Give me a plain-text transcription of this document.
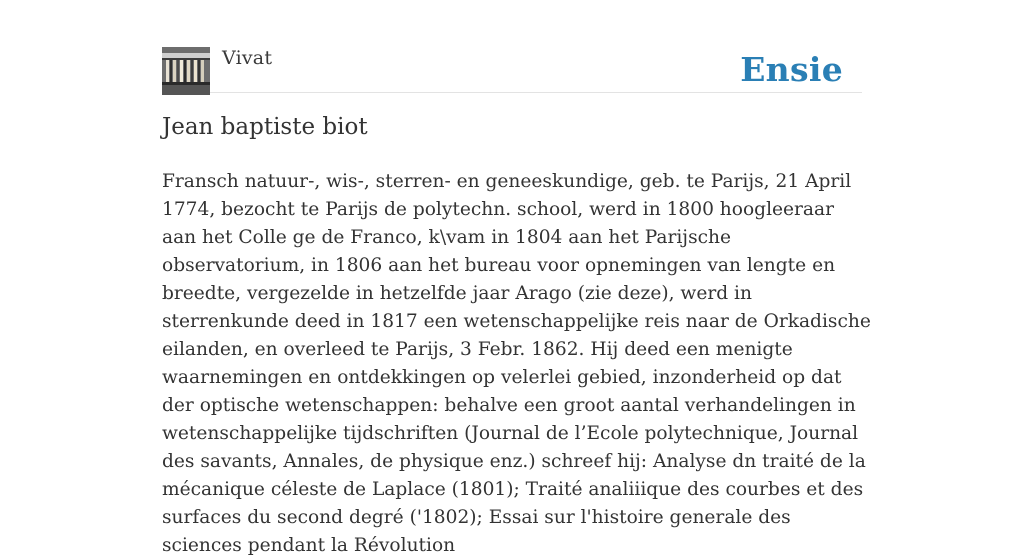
Vivat	Ensie
Jean baptiste biot

Fransch natuur-, wis-, sterren- en geneeskundige, geb. te Parijs, 21 April 1774, bezocht te Parijs de polytechn. school, werd in 1800 hoogleeraar aan het Colle ge de Franco, k\vam in 1804 aan het Parijsche observatorium, in 1806 aan het bureau voor opnemingen van lengte en breedte, vergezelde in hetzelfde jaar Arago (zie deze), werd in sterrenkunde deed in 1817 een wetenschappelijke reis naar de Orkadische eilanden, en overleed te Parijs, 3 Febr. 1862. Hij deed een menigte waarnemingen en ontdekkingen op velerlei gebied, inzonderheid op dat der optische wetenschappen: behalve een groot aantal verhandelingen in wetenschappelijke tijdschriften (Journal de l’Ecole polytechnique, Journal des savants, Annales, de physique enz.) schreef hij: Analyse dn traité de la mécanique céleste de Laplace (1801); Traité analiiique des courbes et des surfaces du second degré ('1802); Essai sur l'histoire generale des sciences pendant la Révolution
